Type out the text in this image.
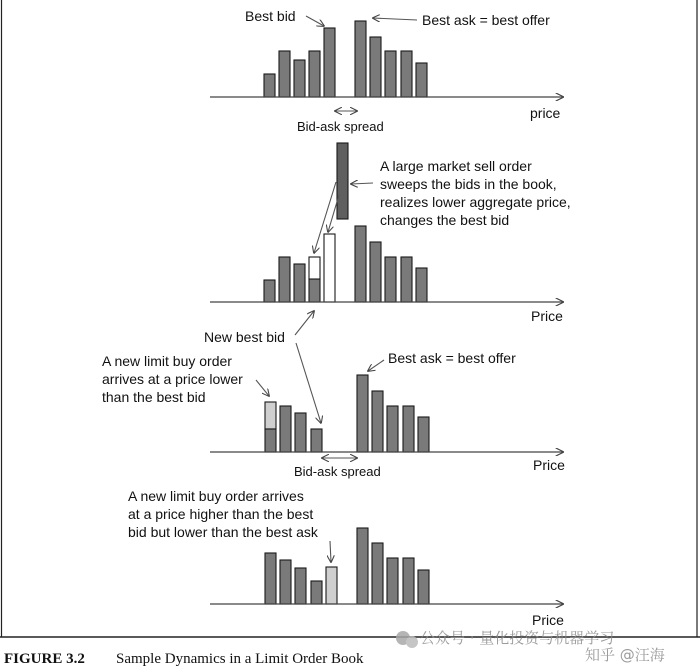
price
Best bid	Best ask = best offer
Bid-ask spread
Price
A large market sell order sweeps the bids in the book, realizes lower aggregate price, changes the best bid
New best bid
A new limit buy order arrives at a price lower than the best bid
Best ask = best offer
Price
Bid-ask spread
A new limit buy order arrives at a price higher than the best bid but lower than the best ask
Price
FIGURE 3.2 Sample Dynamics in a Limit Order Book
公众号 · 量化投资与机器学习
知乎 @汪海
